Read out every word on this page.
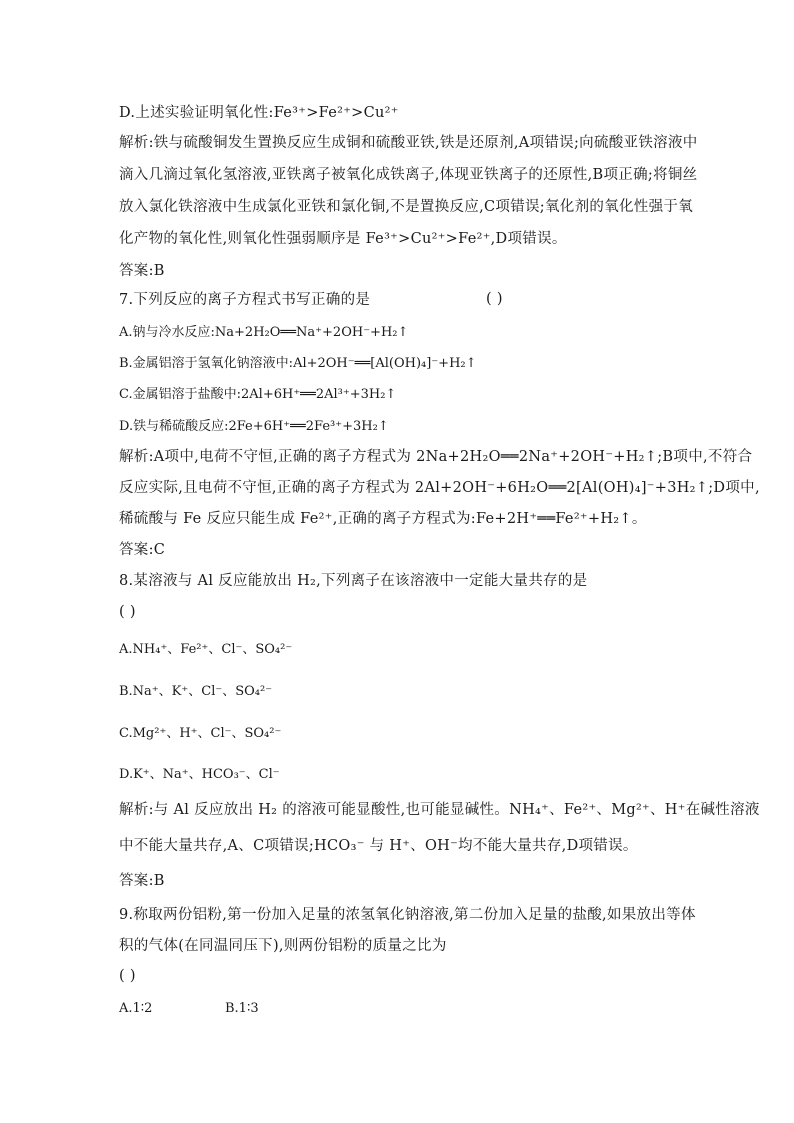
D.上述实验证明氧化性:Fe³⁺>Fe²⁺>Cu²⁺
解析:铁与硫酸铜发生置换反应生成铜和硫酸亚铁,铁是还原剂,A项错误;向硫酸亚铁溶液中
滴入几滴过氧化氢溶液,亚铁离子被氧化成铁离子,体现亚铁离子的还原性,B项正确;将铜丝
放入氯化铁溶液中生成氯化亚铁和氯化铜,不是置换反应,C项错误;氧化剂的氧化性强于氧
化产物的氧化性,则氧化性强弱顺序是 Fe³⁺>Cu²⁺>Fe²⁺,D项错误。
答案:B
7.下列反应的离子方程式书写正确的是	( )
A.钠与冷水反应:Na+2H₂O══Na⁺+2OH⁻+H₂↑
B.金属铝溶于氢氧化钠溶液中:Al+2OH⁻══[Al(OH)₄]⁻+H₂↑
C.金属铝溶于盐酸中:2Al+6H⁺══2Al³⁺+3H₂↑
D.铁与稀硫酸反应:2Fe+6H⁺══2Fe³⁺+3H₂↑
解析:A项中,电荷不守恒,正确的离子方程式为 2Na+2H₂O══2Na⁺+2OH⁻+H₂↑;B项中,不符合
反应实际,且电荷不守恒,正确的离子方程式为 2Al+2OH⁻+6H₂O══2[Al(OH)₄]⁻+3H₂↑;D项中,
稀硫酸与 Fe 反应只能生成 Fe²⁺,正确的离子方程式为:Fe+2H⁺══Fe²⁺+H₂↑。
答案:C
8.某溶液与 Al 反应能放出 H₂,下列离子在该溶液中一定能大量共存的是
( )
A.NH₄⁺、Fe²⁺、Cl⁻、SO₄²⁻
B.Na⁺、K⁺、Cl⁻、SO₄²⁻
C.Mg²⁺、H⁺、Cl⁻、SO₄²⁻
D.K⁺、Na⁺、HCO₃⁻、Cl⁻
解析:与 Al 反应放出 H₂ 的溶液可能显酸性,也可能显碱性。NH₄⁺、Fe²⁺、Mg²⁺、H⁺在碱性溶液
中不能大量共存,A、C项错误;HCO₃⁻ 与 H⁺、OH⁻均不能大量共存,D项错误。
答案:B
9.称取两份铝粉,第一份加入足量的浓氢氧化钠溶液,第二份加入足量的盐酸,如果放出等体
积的气体(在同温同压下),则两份铝粉的质量之比为
( )
A.1∶2	B.1∶3
